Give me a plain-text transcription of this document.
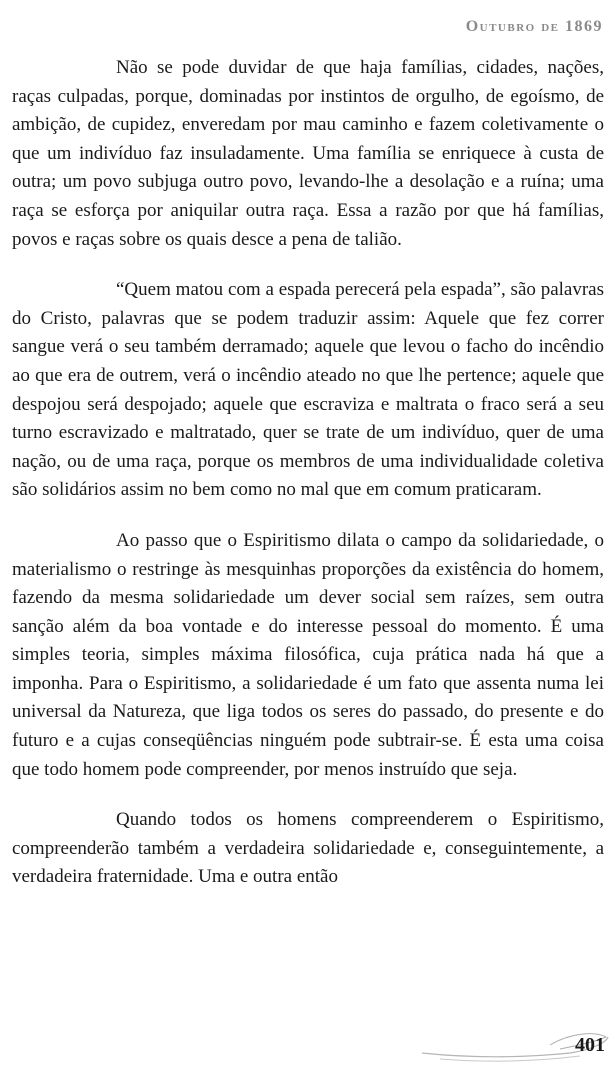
Outubro de 1869

Não se pode duvidar de que haja famílias, cidades, nações, raças culpadas, porque, dominadas por instintos de orgulho, de egoísmo, de ambição, de cupidez, enveredam por mau caminho e fazem coletivamente o que um indivíduo faz insuladamente. Uma família se enriquece à custa de outra; um povo subjuga outro povo, levando-lhe a desolação e a ruína; uma raça se esforça por aniquilar outra raça. Essa a razão por que há famílias, povos e raças sobre os quais desce a pena de talião.

“Quem matou com a espada perecerá pela espada”, são palavras do Cristo, palavras que se podem traduzir assim: Aquele que fez correr sangue verá o seu também derramado; aquele que levou o facho do incêndio ao que era de outrem, verá o incêndio ateado no que lhe pertence; aquele que despojou será despojado; aquele que escraviza e maltrata o fraco será a seu turno escravizado e maltratado, quer se trate de um indivíduo, quer de uma nação, ou de uma raça, porque os membros de uma individualidade coletiva são solidários assim no bem como no mal que em comum praticaram.

Ao passo que o Espiritismo dilata o campo da solidariedade, o materialismo o restringe às mesquinhas proporções da existência do homem, fazendo da mesma solidariedade um dever social sem raízes, sem outra sanção além da boa vontade e do interesse pessoal do momento. É uma simples teoria, simples máxima filosófica, cuja prática nada há que a imponha. Para o Espiritismo, a solidariedade é um fato que assenta numa lei universal da Natureza, que liga todos os seres do passado, do presente e do futuro e a cujas conseqüências ninguém pode subtrair-se. É esta uma coisa que todo homem pode compreender, por menos instruído que seja.

Quando todos os homens compreenderem o Espiritismo, compreenderão também a verdadeira solidariedade e, conseguintemente, a verdadeira fraternidade. Uma e outra então

401
